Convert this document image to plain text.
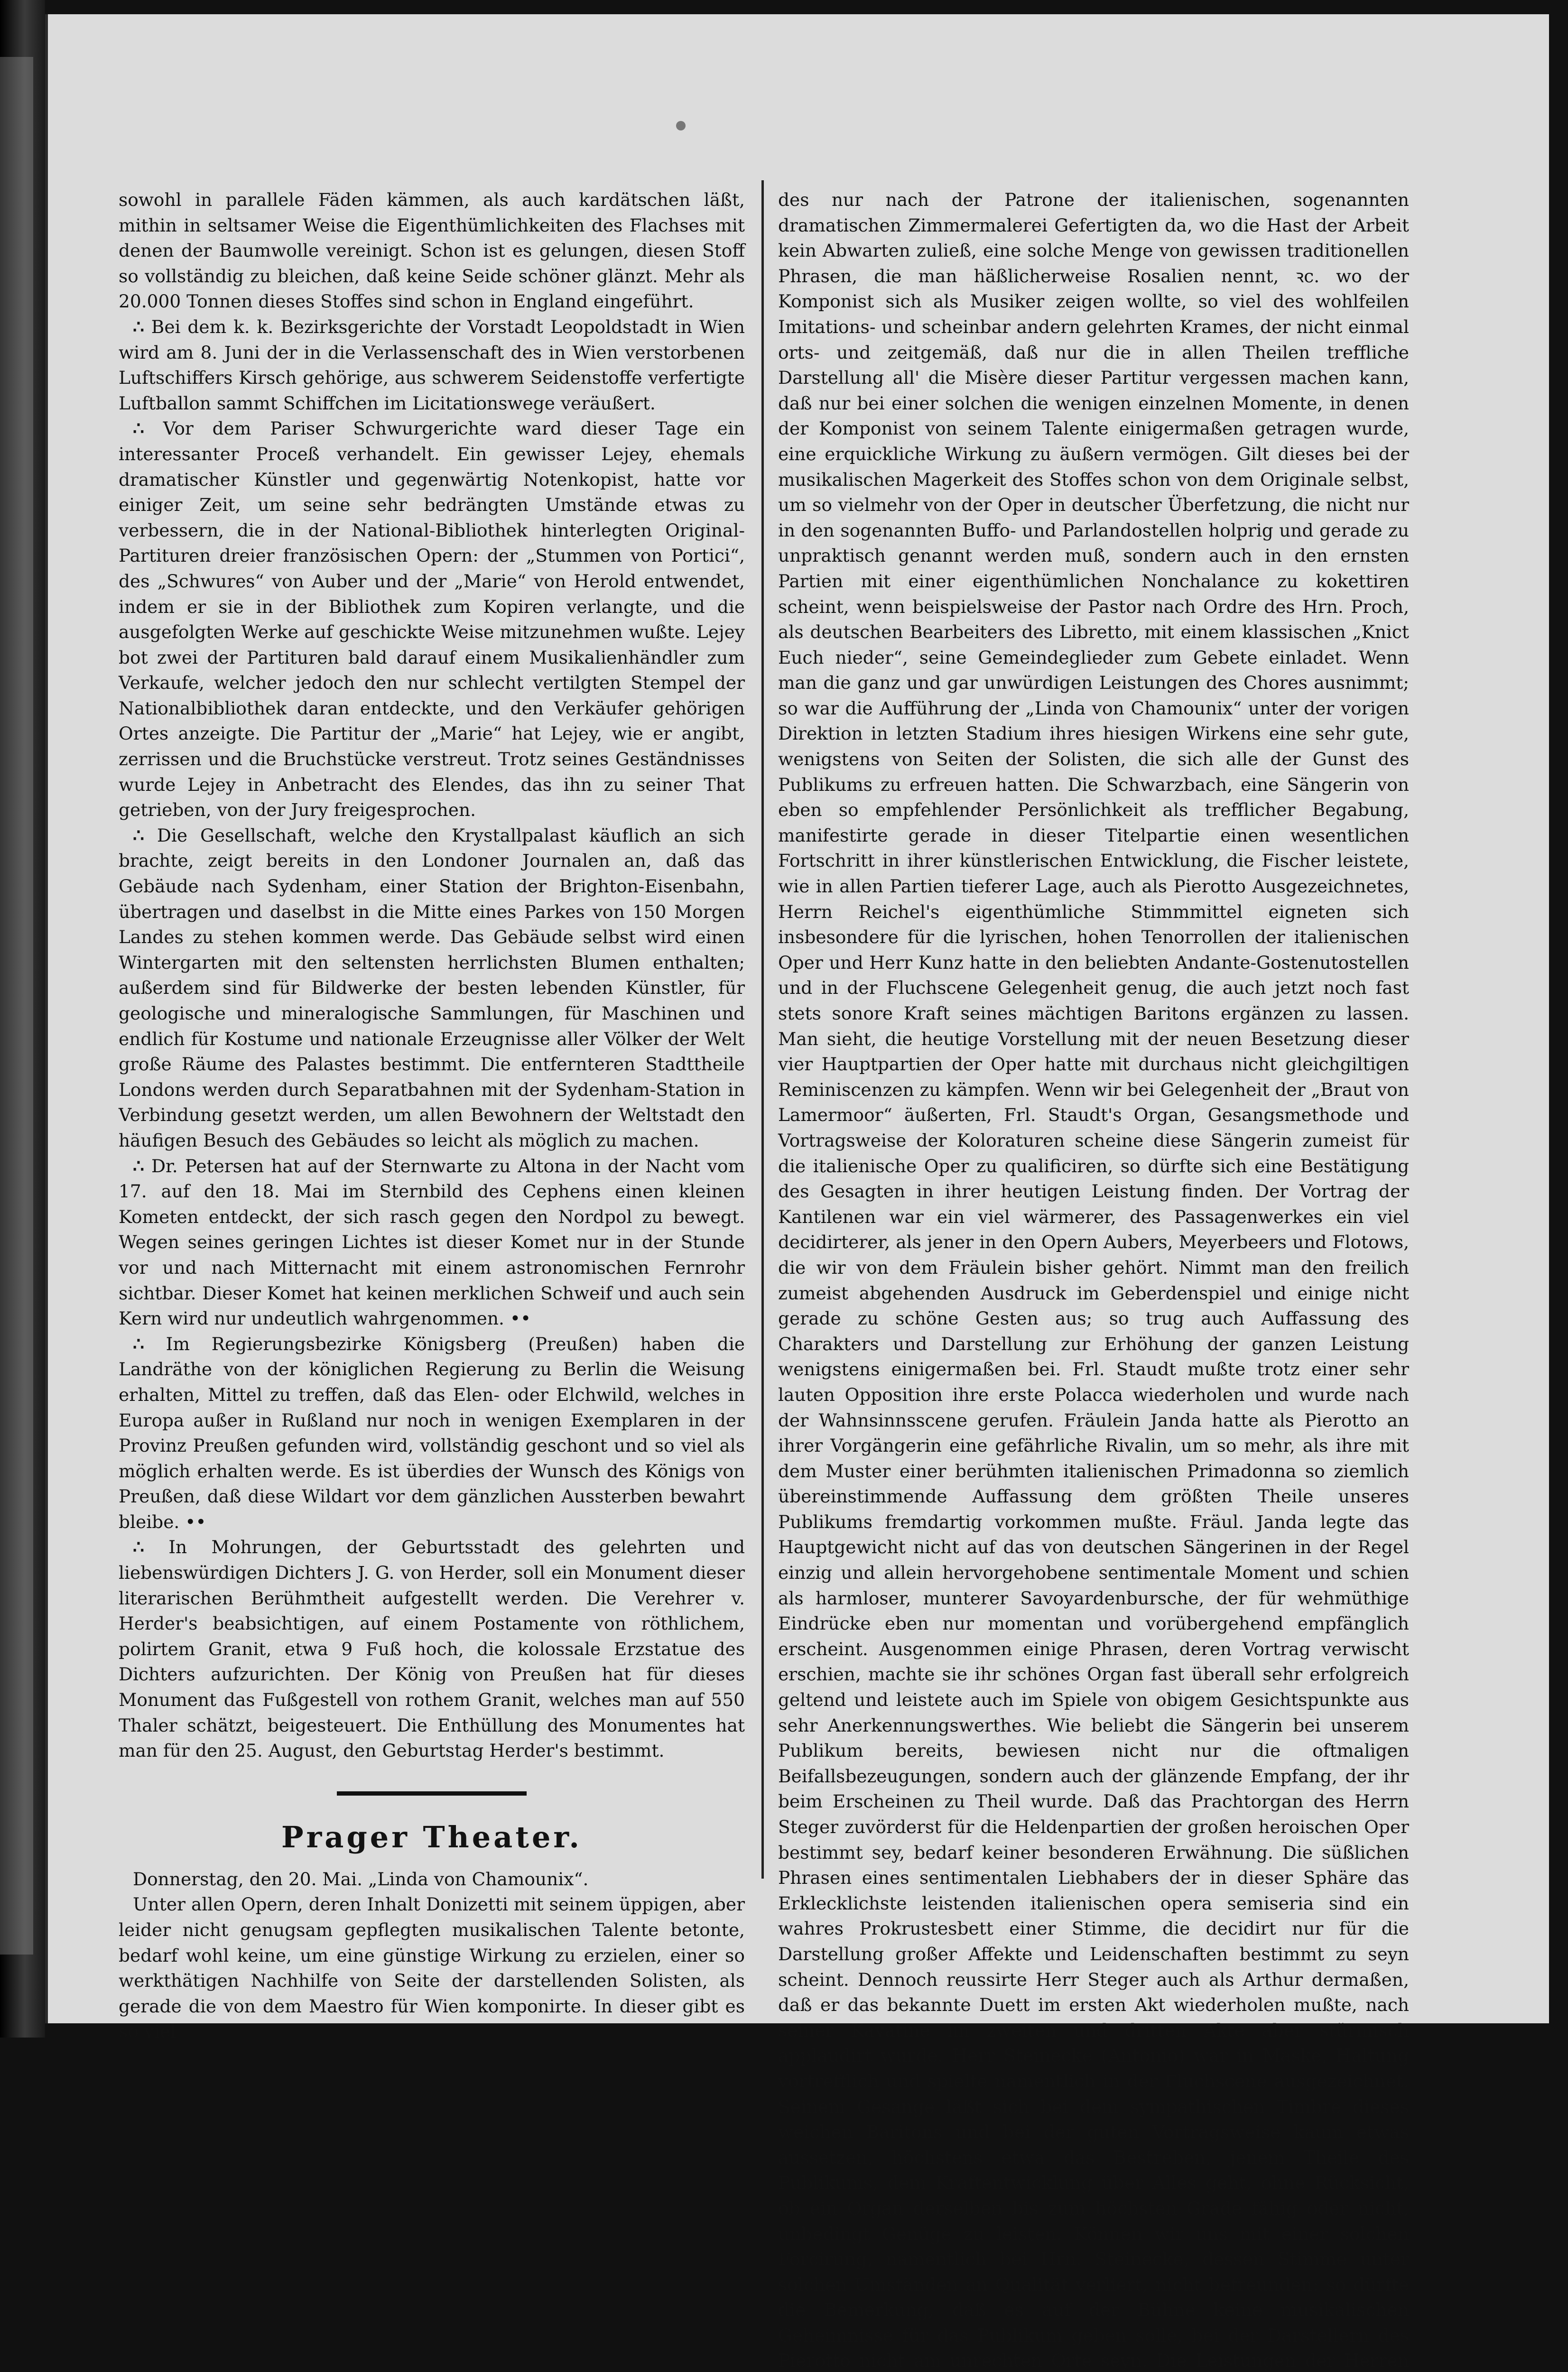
sowohl in parallele Fäden kämmen, als auch kardätschen läßt, mithin in seltsamer Weise die Eigenthümlichkeiten des Flachses mit denen der Baumwolle vereinigt. Schon ist es gelungen, diesen Stoff so vollständig zu bleichen, daß keine Seide schöner glänzt. Mehr als 20.000 Tonnen dieses Stoffes sind schon in England eingeführt.

∴ Bei dem k. k. Bezirksgerichte der Vorstadt Leopoldstadt in Wien wird am 8. Juni der in die Verlassenschaft des in Wien verstorbenen Luftschiffers Kirsch gehörige, aus schwerem Seidenstoffe verfertigte Luftballon sammt Schiffchen im Licitationswege veräußert.

∴ Vor dem Pariser Schwurgerichte ward dieser Tage ein interessanter Proceß verhandelt. Ein gewisser Lejey, ehemals dramatischer Künstler und gegenwärtig Notenkopist, hatte vor einiger Zeit, um seine sehr bedrängten Umstände etwas zu verbessern, die in der National-Bibliothek hinterlegten Original-Partituren dreier französischen Opern: der „Stummen von Portici“, des „Schwures“ von Auber und der „Marie“ von Herold entwendet, indem er sie in der Bibliothek zum Kopiren verlangte, und die ausgefolgten Werke auf geschickte Weise mitzunehmen wußte. Lejey bot zwei der Partituren bald darauf einem Musikalienhändler zum Verkaufe, welcher jedoch den nur schlecht vertilgten Stempel der Nationalbibliothek daran entdeckte, und den Verkäufer gehörigen Ortes anzeigte. Die Partitur der „Marie“ hat Lejey, wie er angibt, zerrissen und die Bruchstücke verstreut. Trotz seines Geständnisses wurde Lejey in Anbetracht des Elendes, das ihn zu seiner That getrieben, von der Jury freigesprochen.

∴ Die Gesellschaft, welche den Krystallpalast käuflich an sich brachte, zeigt bereits in den Londoner Journalen an, daß das Gebäude nach Sydenham, einer Station der Brighton-Eisenbahn, übertragen und daselbst in die Mitte eines Parkes von 150 Morgen Landes zu stehen kommen werde. Das Gebäude selbst wird einen Wintergarten mit den seltensten herrlichsten Blumen enthalten; außerdem sind für Bildwerke der besten lebenden Künstler, für geologische und mineralogische Sammlungen, für Maschinen und endlich für Kostume und nationale Erzeugnisse aller Völker der Welt große Räume des Palastes bestimmt. Die entfernteren Stadttheile Londons werden durch Separatbahnen mit der Sydenham-Station in Verbindung gesetzt werden, um allen Bewohnern der Weltstadt den häufigen Besuch des Gebäudes so leicht als möglich zu machen.

∴ Dr. Petersen hat auf der Sternwarte zu Altona in der Nacht vom 17. auf den 18. Mai im Sternbild des Cephens einen kleinen Kometen entdeckt, der sich rasch gegen den Nordpol zu bewegt. Wegen seines geringen Lichtes ist dieser Komet nur in der Stunde vor und nach Mitternacht mit einem astronomischen Fernrohr sichtbar. Dieser Komet hat keinen merklichen Schweif und auch sein Kern wird nur undeutlich wahrgenommen. ••

∴ Im Regierungsbezirke Königsberg (Preußen) haben die Landräthe von der königlichen Regierung zu Berlin die Weisung erhalten, Mittel zu treffen, daß das Elen- oder Elchwild, welches in Europa außer in Rußland nur noch in wenigen Exemplaren in der Provinz Preußen gefunden wird, vollständig geschont und so viel als möglich erhalten werde. Es ist überdies der Wunsch des Königs von Preußen, daß diese Wildart vor dem gänzlichen Aussterben bewahrt bleibe. ••

∴ In Mohrungen, der Geburtsstadt des gelehrten und liebenswürdigen Dichters J. G. von Herder, soll ein Monument dieser literarischen Berühmtheit aufgestellt werden. Die Verehrer v. Herder's beabsichtigen, auf einem Postamente von röthlichem, polirtem Granit, etwa 9 Fuß hoch, die kolossale Erzstatue des Dichters aufzurichten. Der König von Preußen hat für dieses Monument das Fußgestell von rothem Granit, welches man auf 550 Thaler schätzt, beigesteuert. Die Enthüllung des Monumentes hat man für den 25. August, den Geburtstag Herder's bestimmt.

Prager Theater.

Donnerstag, den 20. Mai. „Linda von Chamounix“.

Unter allen Opern, deren Inhalt Donizetti mit seinem üppigen, aber leider nicht genugsam gepflegten musikalischen Talente betonte, bedarf wohl keine, um eine günstige Wirkung zu erzielen, einer so werkthätigen Nachhilfe von Seite der darstellenden Solisten, als gerade die von dem Maestro für Wien komponirte. In dieser gibt es so viel

des nur nach der Patrone der italienischen, sogenannten dramatischen Zimmermalerei Gefertigten da, wo die Hast der Arbeit kein Abwarten zuließ, eine solche Menge von gewissen traditionellen Phrasen, die man häßlicherweise Rosalien nennt, ꝛc. wo der Komponist sich als Musiker zeigen wollte, so viel des wohlfeilen Imitations- und scheinbar andern gelehrten Krames, der nicht einmal orts- und zeitgemäß, daß nur die in allen Theilen treffliche Darstellung all' die Misère dieser Partitur vergessen machen kann, daß nur bei einer solchen die wenigen einzelnen Momente, in denen der Komponist von seinem Talente einigermaßen getragen wurde, eine erquickliche Wirkung zu äußern vermögen. Gilt dieses bei der musikalischen Magerkeit des Stoffes schon von dem Originale selbst, um so vielmehr von der Oper in deutscher Überfetzung, die nicht nur in den sogenannten Buffo- und Parlandostellen holprig und gerade zu unpraktisch genannt werden muß, sondern auch in den ernsten Partien mit einer eigenthümlichen Nonchalance zu kokettiren scheint, wenn beispielsweise der Pastor nach Ordre des Hrn. Proch, als deutschen Bearbeiters des Libretto, mit einem klassischen „Knict Euch nieder“, seine Gemeindeglieder zum Gebete einladet. Wenn man die ganz und gar unwürdigen Leistungen des Chores ausnimmt; so war die Aufführung der „Linda von Chamounix“ unter der vorigen Direktion in letzten Stadium ihres hiesigen Wirkens eine sehr gute, wenigstens von Seiten der Solisten, die sich alle der Gunst des Publikums zu erfreuen hatten. Die Schwarzbach, eine Sängerin von eben so empfehlender Persönlichkeit als trefflicher Begabung, manifestirte gerade in dieser Titelpartie einen wesentlichen Fortschritt in ihrer künstlerischen Entwicklung, die Fischer leistete, wie in allen Partien tieferer Lage, auch als Pierotto Ausgezeichnetes, Herrn Reichel's eigenthümliche Stimmmittel eigneten sich insbesondere für die lyrischen, hohen Tenorrollen der italienischen Oper und Herr Kunz hatte in den beliebten Andante-Gostenutostellen und in der Fluchscene Gelegenheit genug, die auch jetzt noch fast stets sonore Kraft seines mächtigen Baritons ergänzen zu lassen. Man sieht, die heutige Vorstellung mit der neuen Besetzung dieser vier Hauptpartien der Oper hatte mit durchaus nicht gleichgiltigen Reminiscenzen zu kämpfen. Wenn wir bei Gelegenheit der „Braut von Lamermoor“ äußerten, Frl. Staudt's Organ, Gesangsmethode und Vortragsweise der Koloraturen scheine diese Sängerin zumeist für die italienische Oper zu qualificiren, so dürfte sich eine Bestätigung des Gesagten in ihrer heutigen Leistung finden. Der Vortrag der Kantilenen war ein viel wärmerer, des Passagenwerkes ein viel decidirterer, als jener in den Opern Aubers, Meyerbeers und Flotows, die wir von dem Fräulein bisher gehört. Nimmt man den freilich zumeist abgehenden Ausdruck im Geberdenspiel und einige nicht gerade zu schöne Gesten aus; so trug auch Auffassung des Charakters und Darstellung zur Erhöhung der ganzen Leistung wenigstens einigermaßen bei. Frl. Staudt mußte trotz einer sehr lauten Opposition ihre erste Polacca wiederholen und wurde nach der Wahnsinnsscene gerufen. Fräulein Janda hatte als Pierotto an ihrer Vorgängerin eine gefährliche Rivalin, um so mehr, als ihre mit dem Muster einer berühmten italienischen Primadonna so ziemlich übereinstimmende Auffassung dem größten Theile unseres Publikums fremdartig vorkommen mußte. Fräul. Janda legte das Hauptgewicht nicht auf das von deutschen Sängerinen in der Regel einzig und allein hervorgehobene sentimentale Moment und schien als harmloser, munterer Savoyardenbursche, der für wehmüthige Eindrücke eben nur momentan und vorübergehend empfänglich erscheint. Ausgenommen einige Phrasen, deren Vortrag verwischt erschien, machte sie ihr schönes Organ fast überall sehr erfolgreich geltend und leistete auch im Spiele von obigem Gesichtspunkte aus sehr Anerkennungswerthes. Wie beliebt die Sängerin bei unserem Publikum bereits, bewiesen nicht nur die oftmaligen Beifallsbezeugungen, sondern auch der glänzende Empfang, der ihr beim Erscheinen zu Theil wurde. Daß das Prachtorgan des Herrn Steger zuvörderst für die Heldenpartien der großen heroischen Oper bestimmt sey, bedarf keiner besonderen Erwähnung. Die süßlichen Phrasen eines sentimentalen Liebhabers der in dieser Sphäre das Erklecklichste leistenden italienischen opera semiseria sind ein wahres Prokrustesbett einer Stimme, die decidirt nur für die Darstellung großer Affekte und Leidenschaften bestimmt zu seyn scheint. Dennoch reussirte Herr Steger auch als Arthur dermaßen, daß er das bekannte Duett im ersten Akt wiederholen mußte, nach seiner Kavatine im zweiten und dritten Akte aber stürmisch applaudirt wurde. Herr Steinecke (Antonio) war in Maske, Haltung vortrefflich und spielte namentlich in der Fluchscene ausgezeichnet. Seinem Gesange läßt sich bei dem sympathischen Timbre dieses weichen Baritons und bei der guten Vortragsweise kaum etwas aussetzen, höchstens etwa das Bestreben, jenem Theile des Publikums, dem Kraftentwicklung über Alles geht, ohne Rücksicht, ob ein Organ derselben bis zum höchsten Grade fähig oder nicht, unbedingt Genüge zu leisten. Können wir uns mit einer solchen Forcirung, namentlich bei Hrn. Steinecke, dessen Stimme unter solchen Umständen an Qualität verliert, nicht befreunden: so dürfte die Bemerkung, daß es auf der Bühne keine musikalischen Geheimnisse für das Publikum geben solle, bei der Darstellern des Pierotto nicht am unrechten Orte seyn. Die Leistungen der Herren
